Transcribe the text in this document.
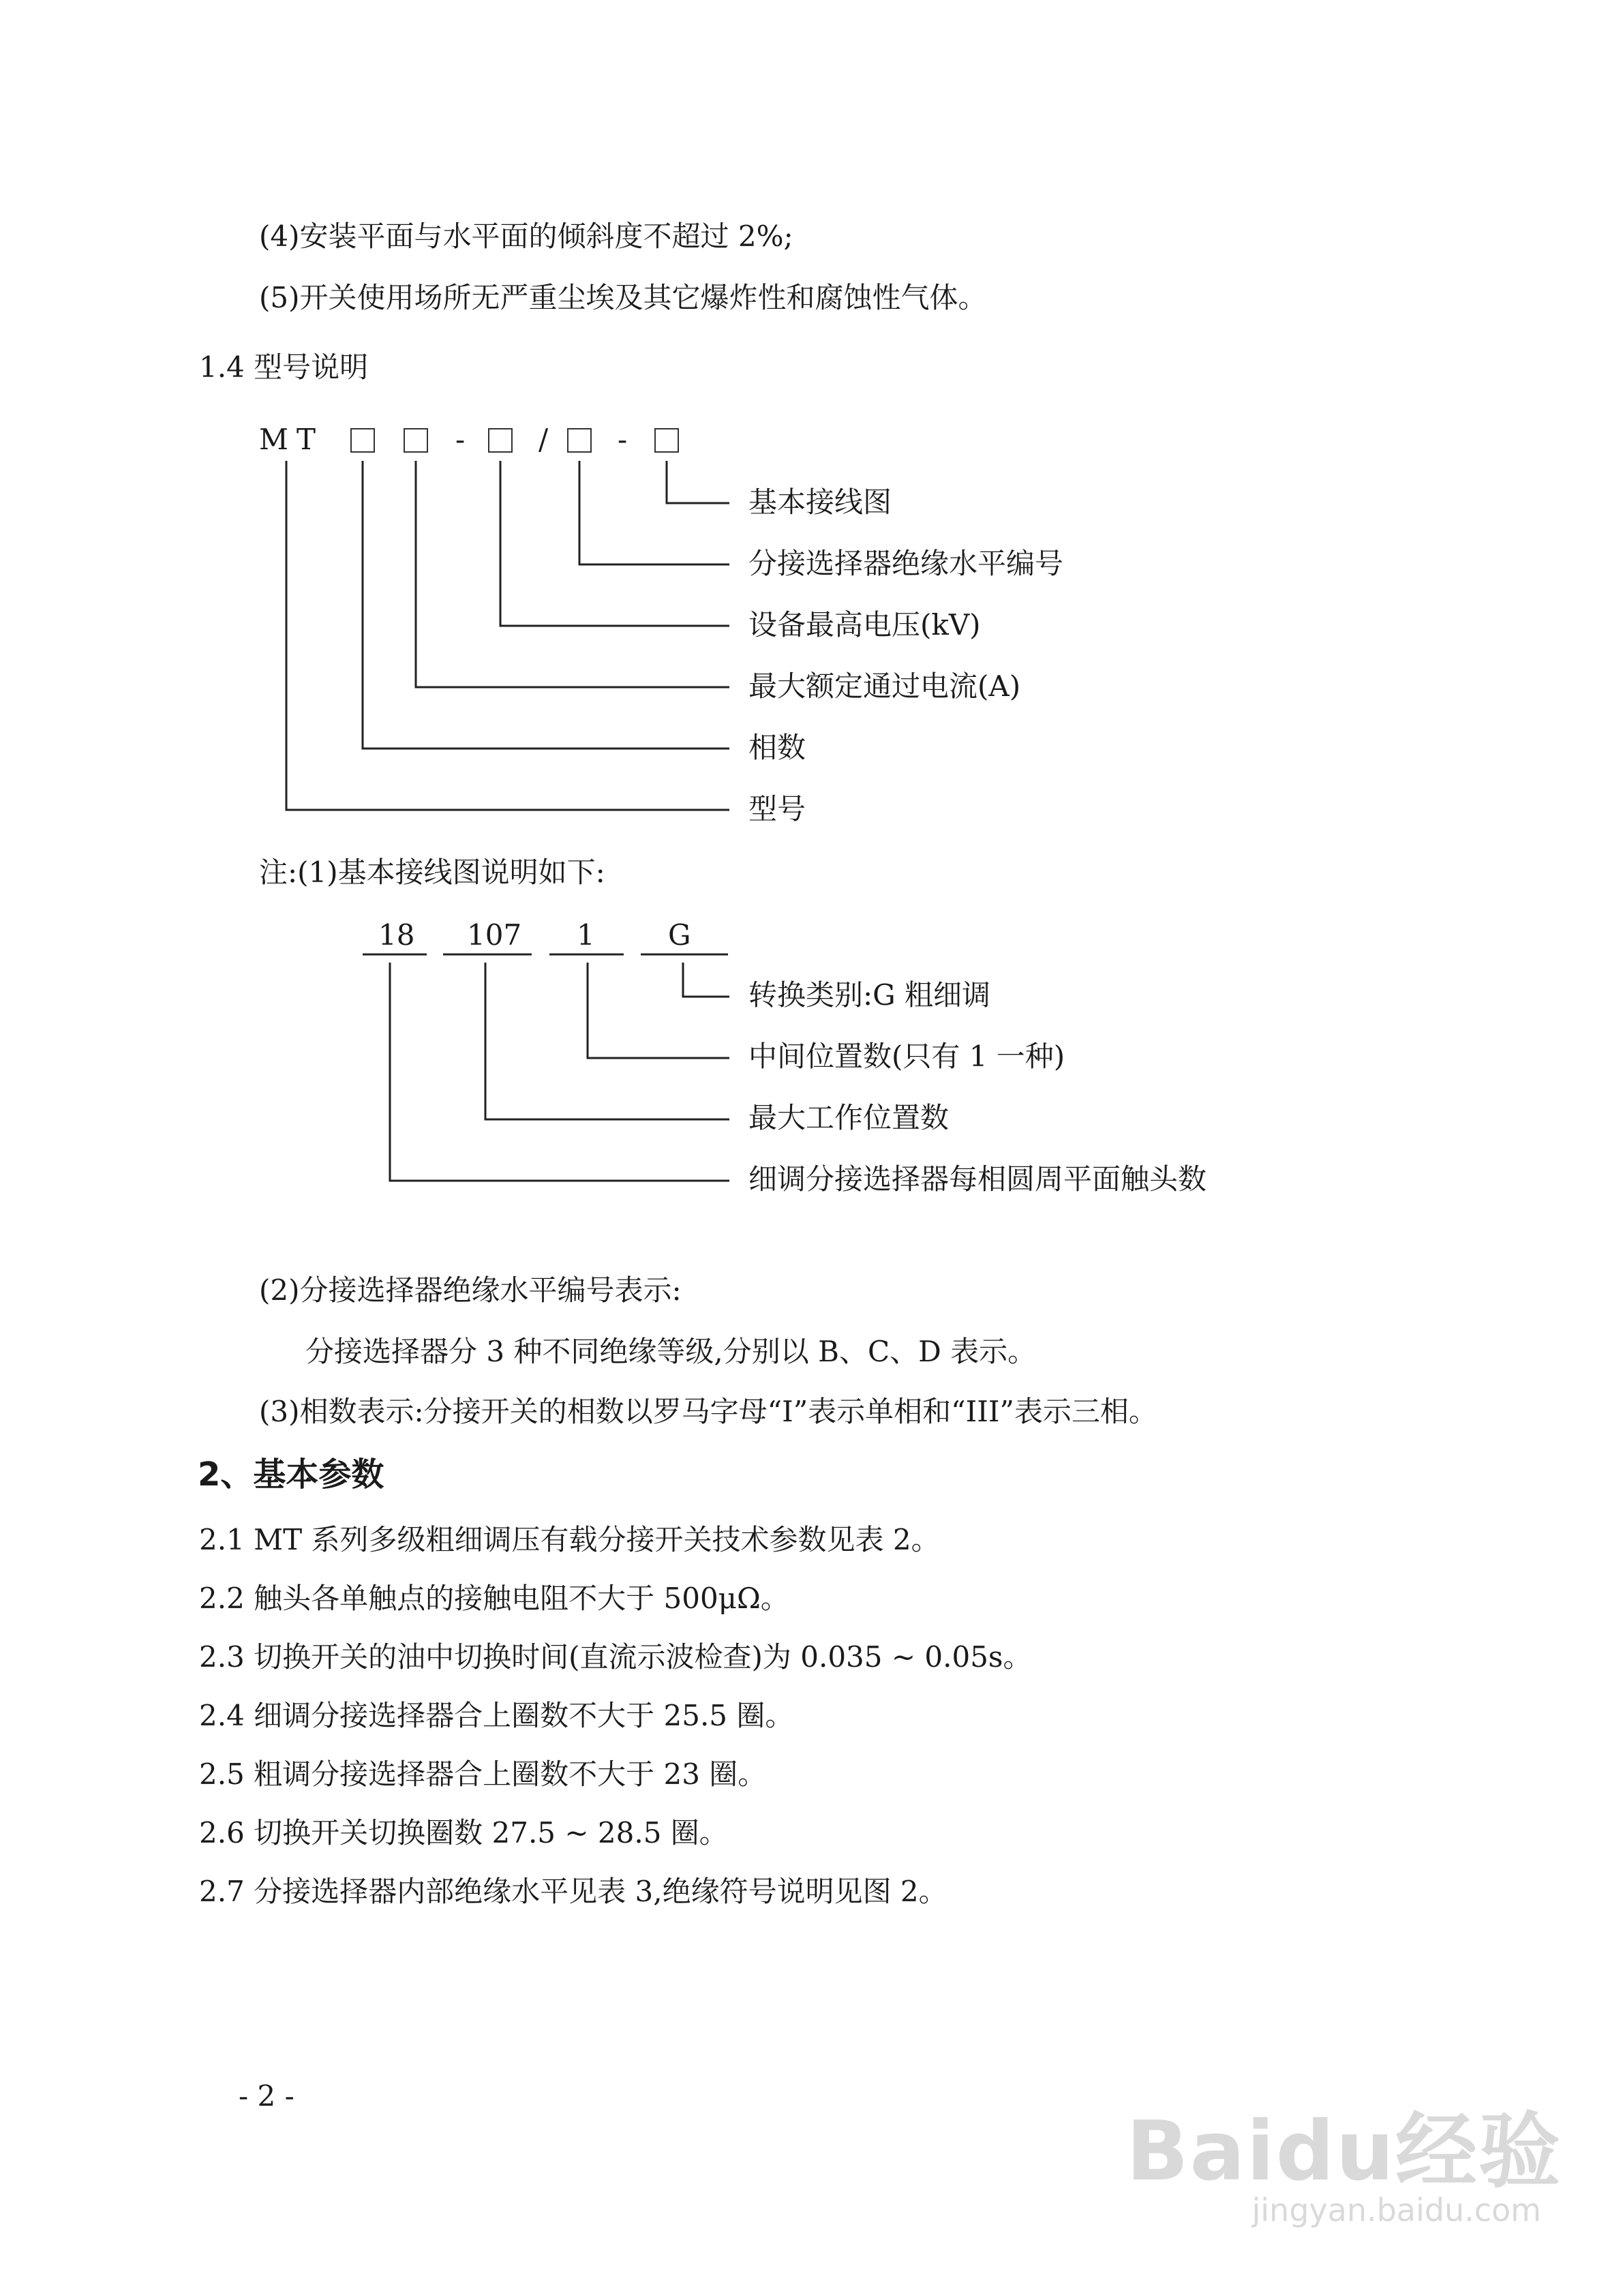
(4)安装平面与水平面的倾斜度不超过 2%;
(5)开关使用场所无严重尘埃及其它爆炸性和腐蚀性气体。
1.4 型号说明
MT	-	/ -
基本接线图
分接选择器绝缘水平编号
设备最高电压(kV)
最大额定通过电流(A)
相数
型号
注:(1)基本接线图说明如下:
18 107 1	G
转换类别:G 粗细调
中间位置数(只有 1 一种)
最大工作位置数
细调分接选择器每相圆周平面触头数
(2)分接选择器绝缘水平编号表示:
分接选择器分 3 种不同绝缘等级,分别以 B、C、D 表示。
(3)相数表示:分接开关的相数以罗马字母“I”表示单相和“III”表示三相。
2、基本参数
2.1 MT 系列多级粗细调压有载分接开关技术参数见表 2。
2.2 触头各单触点的接触电阻不大于 500μΩ。
2.3 切换开关的油中切换时间(直流示波检查)为 0.035 ~ 0.05s。
2.4 细调分接选择器合上圈数不大于 25.5 圈。
2.5 粗调分接选择器合上圈数不大于 23 圈。
2.6 切换开关切换圈数 27.5 ~ 28.5 圈。
2.7 分接选择器内部绝缘水平见表 3,绝缘符号说明见图 2。
- 2 -
Baidu经验
jingyan.baidu.com
